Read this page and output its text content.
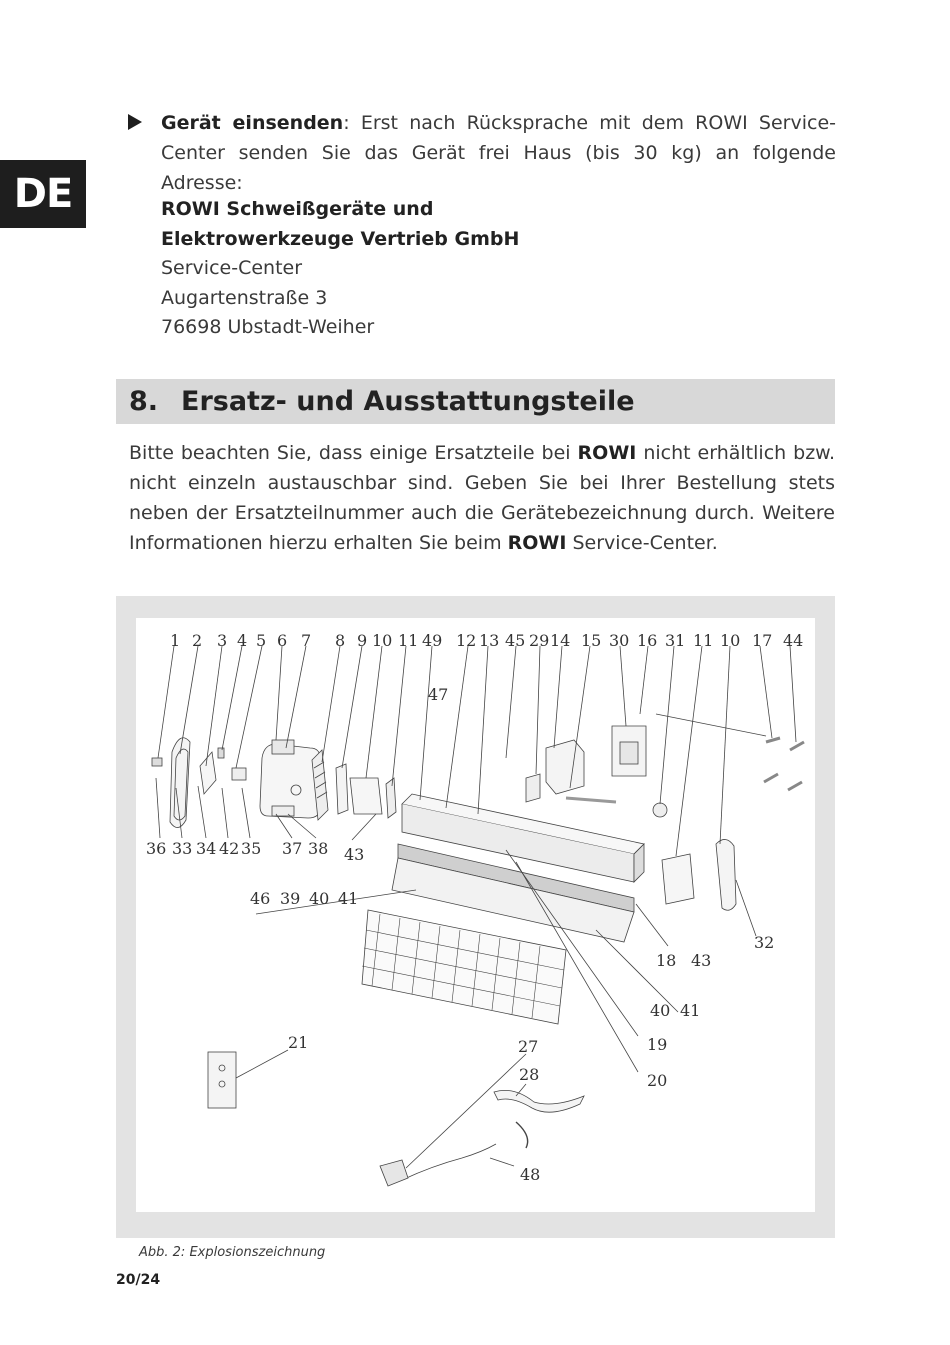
DE
Gerät einsenden: Erst nach Rücksprache mit dem ROWI Service-Center senden Sie das Gerät frei Haus (bis 30 kg) an folgende Adresse:
ROWI Schweißgeräte und
Elektrowerkzeuge Vertrieb GmbH
Service-Center
Augartenstraße 3
76698 Ubstadt-Weiher
8. Ersatz- und Ausstattungsteile
Bitte beachten Sie, dass einige Ersatzteile bei ROWI nicht erhältlich bzw. nicht einzeln austauschbar sind. Geben Sie bei Ihrer Bestellung stets neben der Ersatzteilnummer auch die Gerätebezeichnung durch. Weitere Informationen hierzu erhalten Sie beim ROWI Service-Center.
1 2 3 4 5 6 7 8 9 10 11 49 12 13 45 29 14 15 30 16 31 11 10 17 44
47
36 33 34 42 35 37 38 43
46 39 40 41
32
18 43
40 41
19
20
21	27
28
48
Abb. 2: Explosionszeichnung
20/24
